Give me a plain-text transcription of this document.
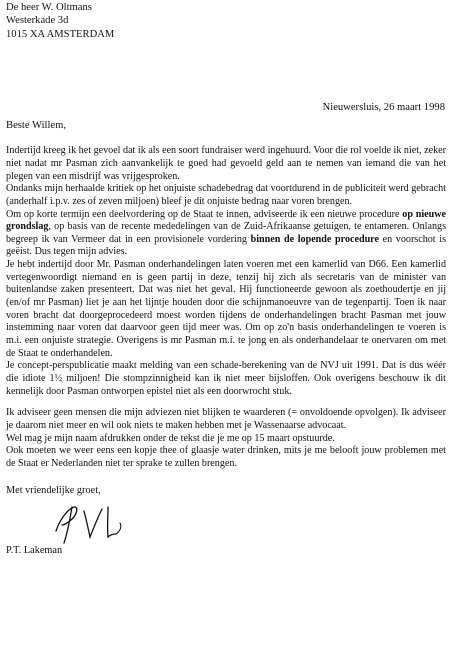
De heer W. Oltmans
Westerkade 3d
1015 XA AMSTERDAM
Nieuwersluis, 26 maart 1998
Beste Willem,

Indertijd kreeg ik het gevoel dat ik als een soort fundraiser werd ingehuurd. Voor die rol voelde ik niet, zeker niet nadat mr Pasman zich aanvankelijk te goed had gevoeld geld aan te nemen van iemand die van het plegen van een misdrijf was vrijgesproken.

Ondanks mijn herhaalde kritiek op het onjuiste schadebedrag dat voortdurend in de publiciteit werd gebracht (anderhalf i.p.v. zes of zeven miljoen) bleef je dit onjuiste bedrag naar voren brengen.

Om op korte termijn een deelvordering op de Staat te innen, adviseerde ik een nieuwe procedure op nieuwe grondslag, op basis van de recente mededelingen van de Zuid-Afrikaanse getuigen, te entameren. Onlangs begreep ik van Vermeer dat in een provisionele vordering binnen de lopende procedure en voorschot is geëist. Dus tegen mijn advies.

Je hebt indertijd door Mr. Pasman onderhandelingen laten voeren met een kamerlid van D66. Een kamerlid vertegenwoordigt niemand en is geen partij in deze, tenzij hij zich als secretaris van de minister van buitenlandse zaken presenteert. Dat was niet het geval. Hij functioneerde gewoon als zoethoudertje en jij (en/of mr Pasman) liet je aan het lijntje houden door die schijnmanoeuvre van de tegenpartij. Toen ik naar voren bracht dat doorgeprocedeerd moest worden tijdens de onderhandelingen bracht Pasman met jouw instemming naar voren dat daarvoor geen tijd meer was. Om op zo'n basis onderhandelingen te voeren is m.i. een onjuiste strategie. Overigens is mr Pasman m.i. te jong en als onderhandelaar te onervaren om met de Staat te onderhandelen.

Je concept-perspublicatie maakt melding van een schade-berekening van de NVJ uit 1991. Dat is dus wéér die idiote 1½ miljoen! Die stompzinnigheid kan ik niet meer bijsloffen. Ook overigens beschouw ik dit kennelijk door Pasman ontworpen epistel niet als een doorwrocht stuk.

Ik adviseer geen mensen die mijn adviezen niet blijken te waarderen (= onvoldoende opvolgen). Ik adviseer je daarom niet meer en wil ook niets te maken hebben met je Wassenaarse advocaat.

Wel mag je mijn naam afdrukken onder de tekst die je me op 15 maart opstuurde.

Ook moeten we weer eens een kopje thee of glaasje water drinken, mits je me belooft jouw problemen met de Staat er Nederlanden niet ter sprake te zullen brengen.

Met vriendelijke groet,
P.T. Lakeman
